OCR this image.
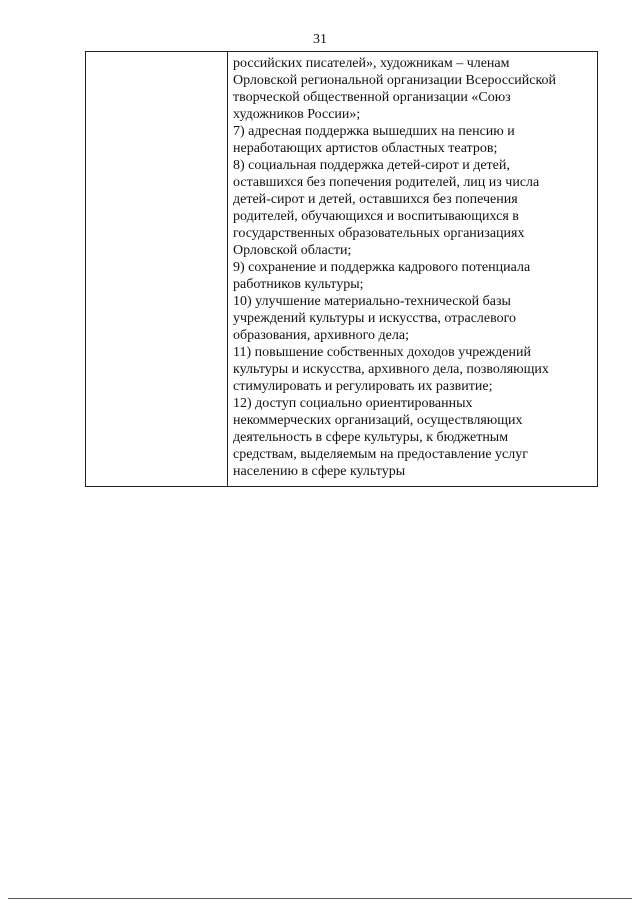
31
российских писателей», художникам – членам
Орловской региональной организации Всероссийской
творческой общественной организации «Союз
художников России»;
7) адресная поддержка вышедших на пенсию и
неработающих артистов областных театров;
8) социальная поддержка детей-сирот и детей,
оставшихся без попечения родителей, лиц из числа
детей-сирот и детей, оставшихся без попечения
родителей, обучающихся и воспитывающихся в
государственных образовательных организациях
Орловской области;
9) сохранение и поддержка кадрового потенциала
работников культуры;
10) улучшение материально-технической базы
учреждений культуры и искусства, отраслевого
образования, архивного дела;
11) повышение собственных доходов учреждений
культуры и искусства, архивного дела, позволяющих
стимулировать и регулировать их развитие;
12) доступ социально ориентированных
некоммерческих организаций, осуществляющих
деятельность в сфере культуры, к бюджетным
средствам, выделяемым на предоставление услуг
населению в сфере культуры
